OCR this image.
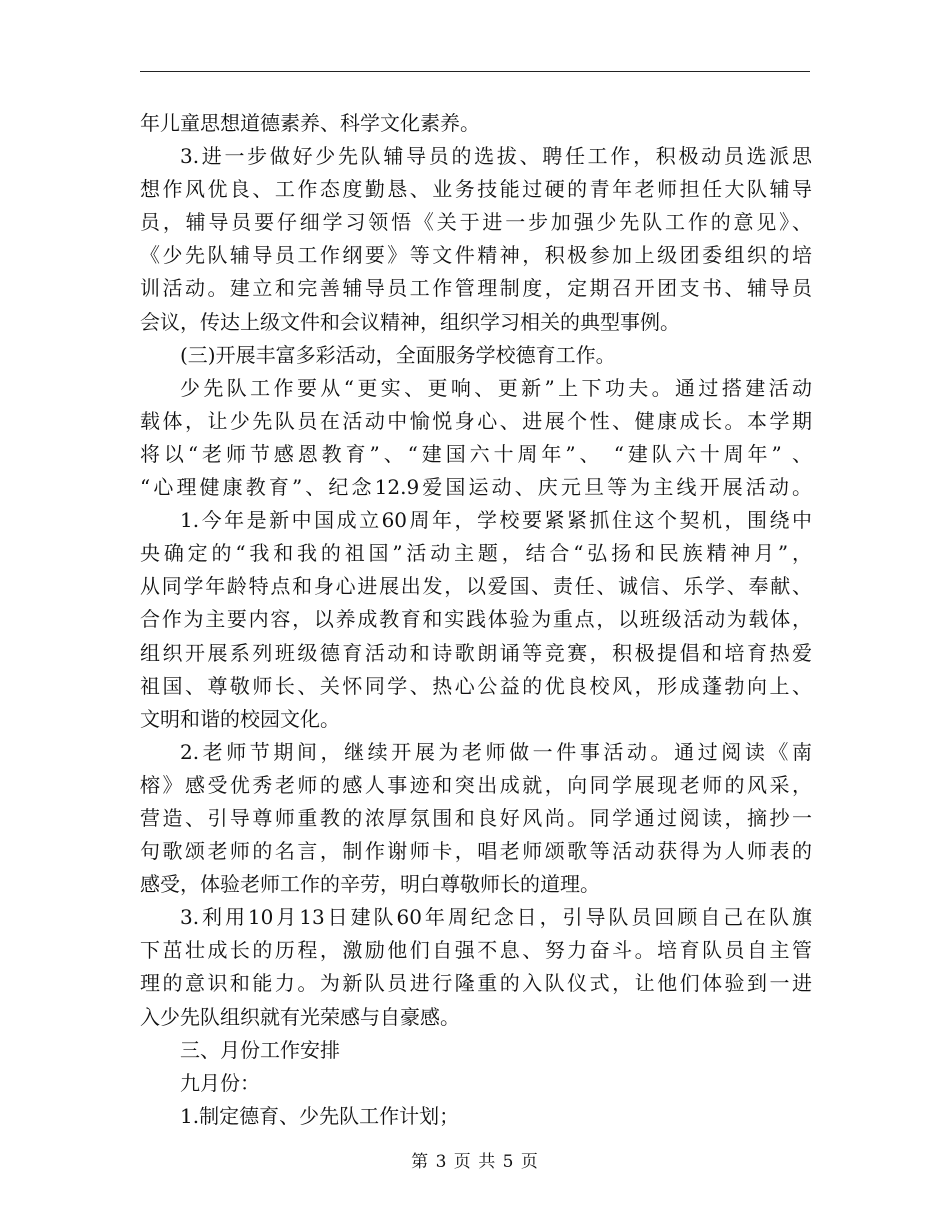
年儿童思想道德素养、科学文化素养。
3.进一步做好少先队辅导员的选拔、聘任工作，积极动员选派思
想作风优良、工作态度勤恳、业务技能过硬的青年老师担任大队辅导
员，辅导员要仔细学习领悟《关于进一步加强少先队工作的意见》、
《少先队辅导员工作纲要》等文件精神，积极参加上级团委组织的培
训活动。建立和完善辅导员工作管理制度，定期召开团支书、辅导员
会议，传达上级文件和会议精神，组织学习相关的典型事例。
(三)开展丰富多彩活动，全面服务学校德育工作。
少先队工作要从“更实、更响、更新”上下功夫。通过搭建活动
载体，让少先队员在活动中愉悦身心、进展个性、健康成长。本学期
将以“老师节感恩教育”、“建国六十周年”、 “建队六十周年” 、
“心理健康教育”、纪念12.9爱国运动、庆元旦等为主线开展活动。
1.今年是新中国成立60周年，学校要紧紧抓住这个契机，围绕中
央确定的“我和我的祖国”活动主题，结合“弘扬和民族精神月”，
从同学年龄特点和身心进展出发，以爱国、责任、诚信、乐学、奉献、
合作为主要内容，以养成教育和实践体验为重点，以班级活动为载体，
组织开展系列班级德育活动和诗歌朗诵等竞赛，积极提倡和培育热爱
祖国、尊敬师长、关怀同学、热心公益的优良校风，形成蓬勃向上、
文明和谐的校园文化。
2.老师节期间，继续开展为老师做一件事活动。通过阅读《南
榕》感受优秀老师的感人事迹和突出成就，向同学展现老师的风采，
营造、引导尊师重教的浓厚氛围和良好风尚。同学通过阅读，摘抄一
句歌颂老师的名言，制作谢师卡，唱老师颂歌等活动获得为人师表的
感受，体验老师工作的辛劳，明白尊敬师长的道理。
3.利用10月13日建队60年周纪念日，引导队员回顾自己在队旗
下茁壮成长的历程，激励他们自强不息、努力奋斗。培育队员自主管
理的意识和能力。为新队员进行隆重的入队仪式，让他们体验到一进
入少先队组织就有光荣感与自豪感。
三、月份工作安排
九月份：
1.制定德育、少先队工作计划；
第 3 页 共 5 页
